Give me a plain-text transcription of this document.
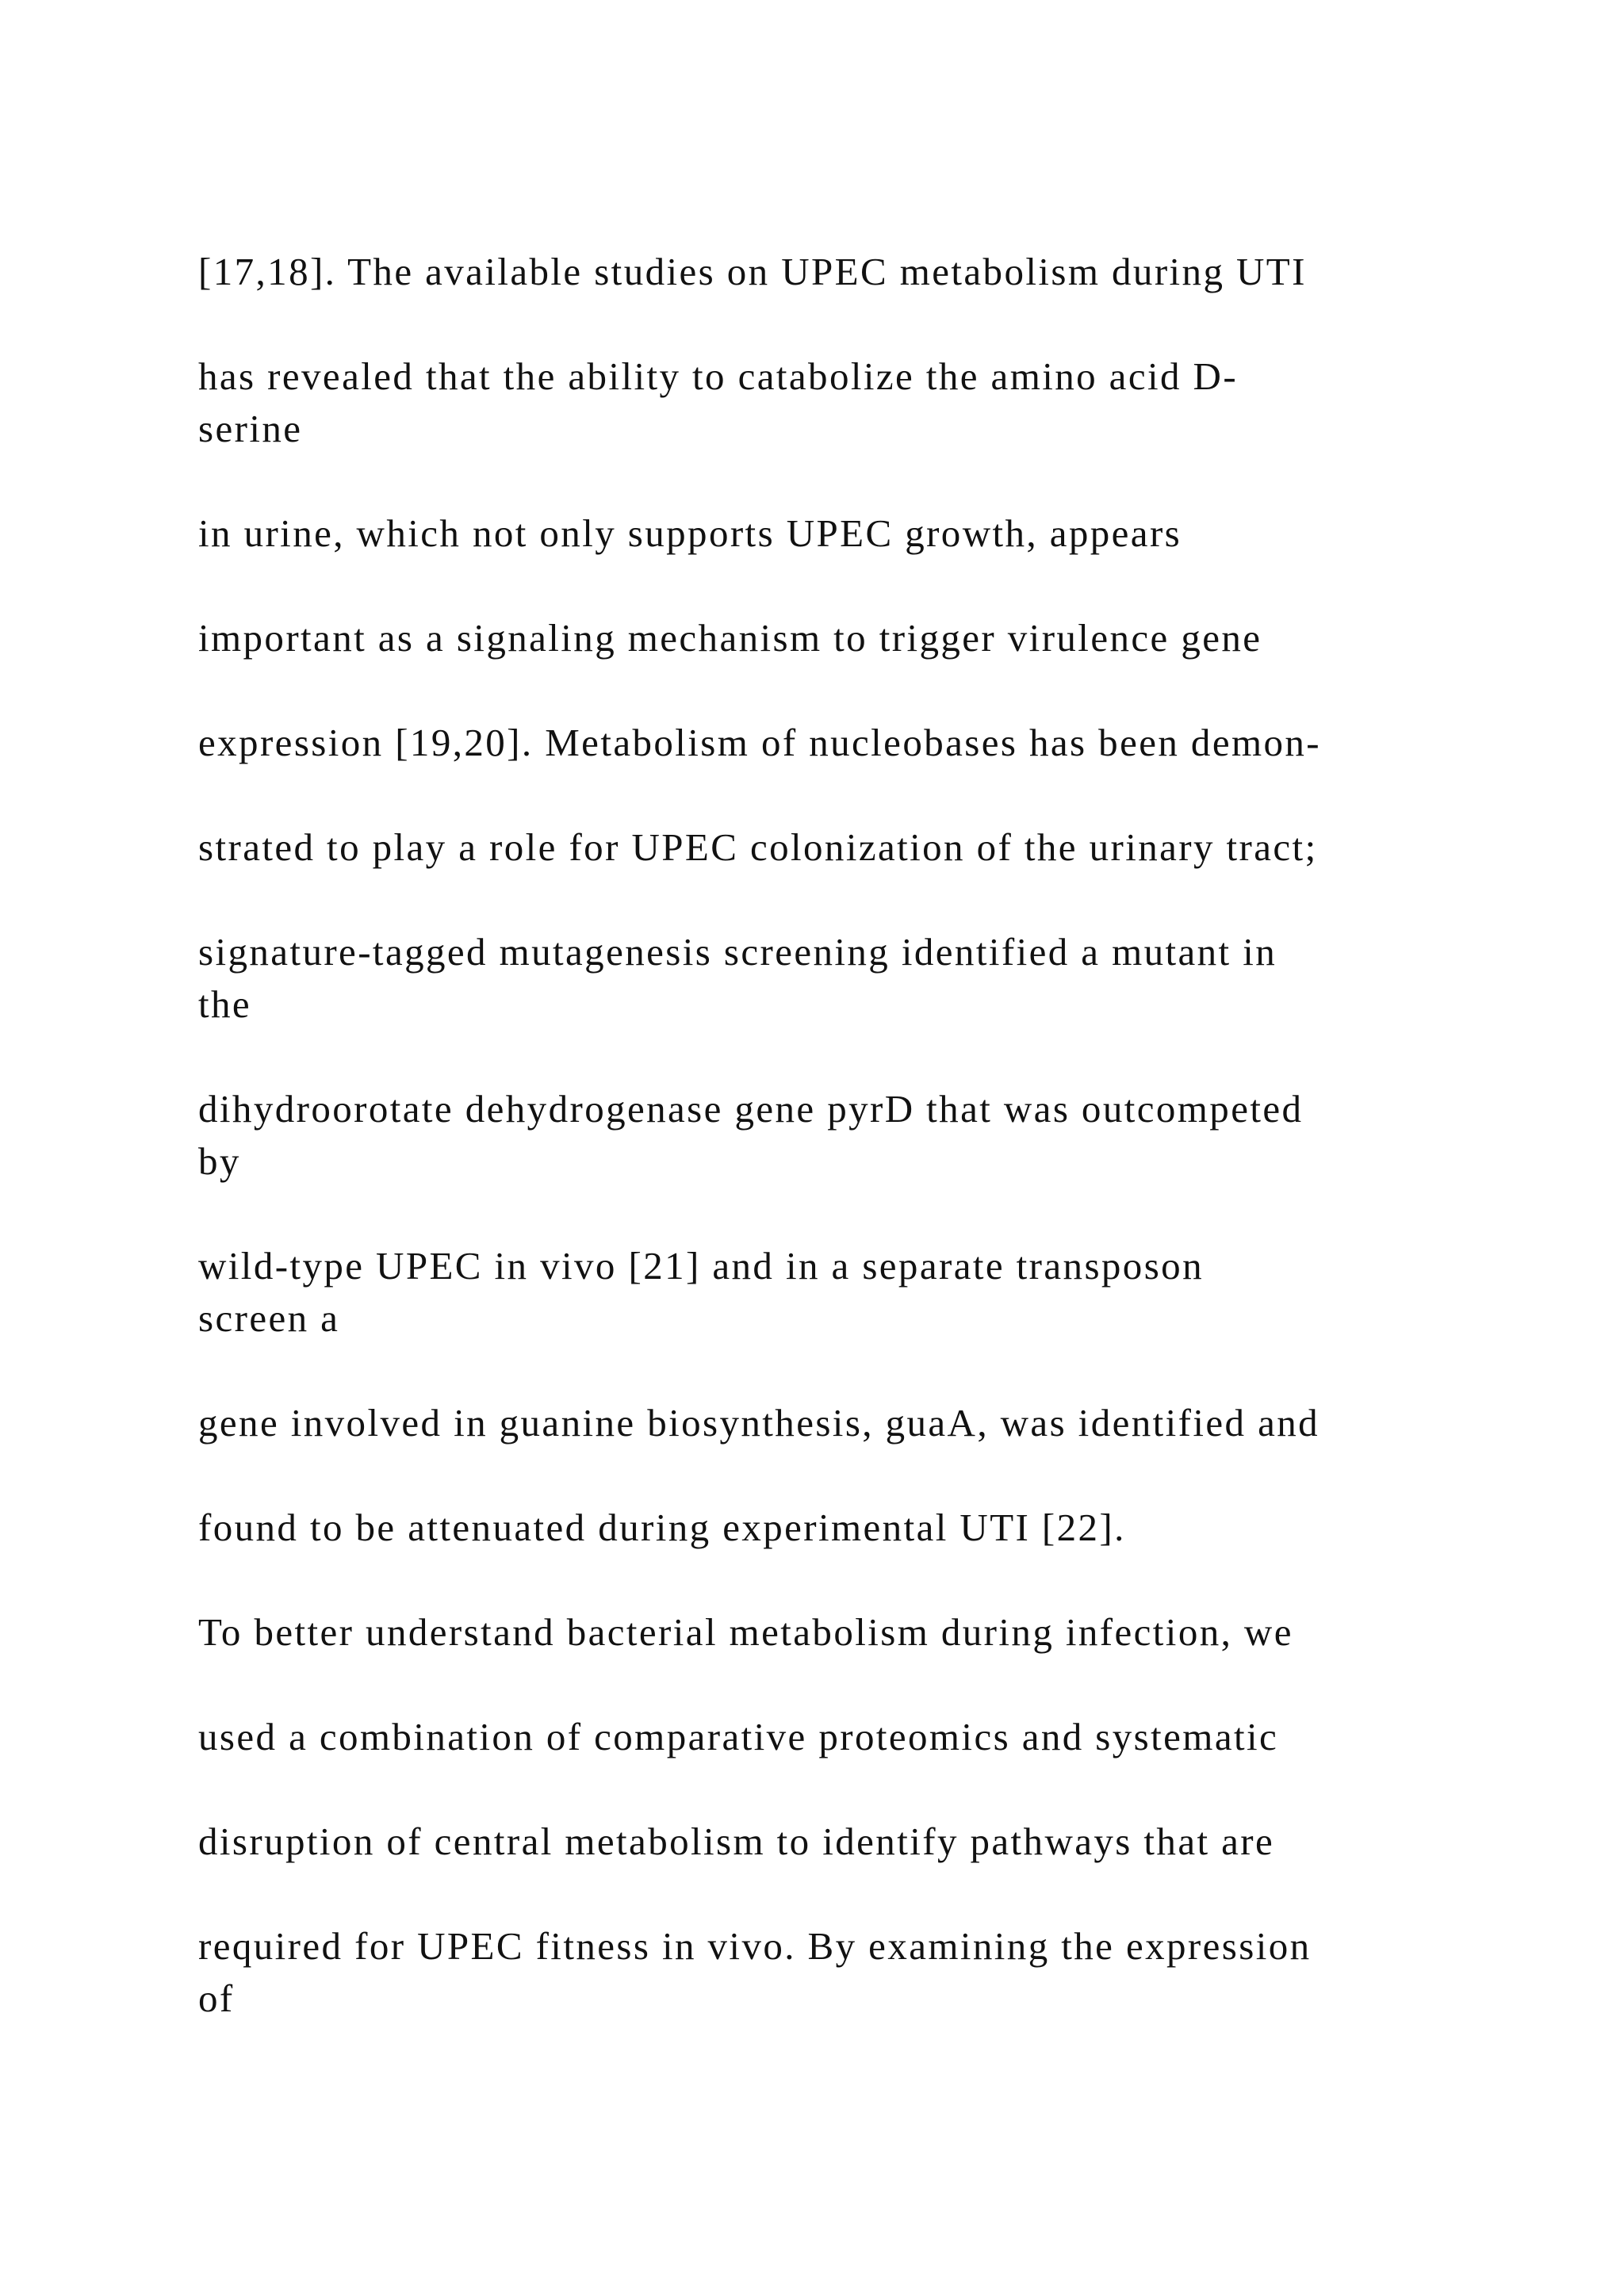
[17,18]. The available studies on UPEC metabolism during UTI

has revealed that the ability to catabolize the amino acid D-
serine

in urine, which not only supports UPEC growth, appears

important as a signaling mechanism to trigger virulence gene

expression [19,20]. Metabolism of nucleobases has been demon-

strated to play a role for UPEC colonization of the urinary tract;

signature-tagged mutagenesis screening identified a mutant in
the

dihydroorotate dehydrogenase gene pyrD that was outcompeted
by

wild-type UPEC in vivo [21] and in a separate transposon
screen a

gene involved in guanine biosynthesis, guaA, was identified and

found to be attenuated during experimental UTI [22].

To better understand bacterial metabolism during infection, we

used a combination of comparative proteomics and systematic

disruption of central metabolism to identify pathways that are

required for UPEC fitness in vivo. By examining the expression
of
